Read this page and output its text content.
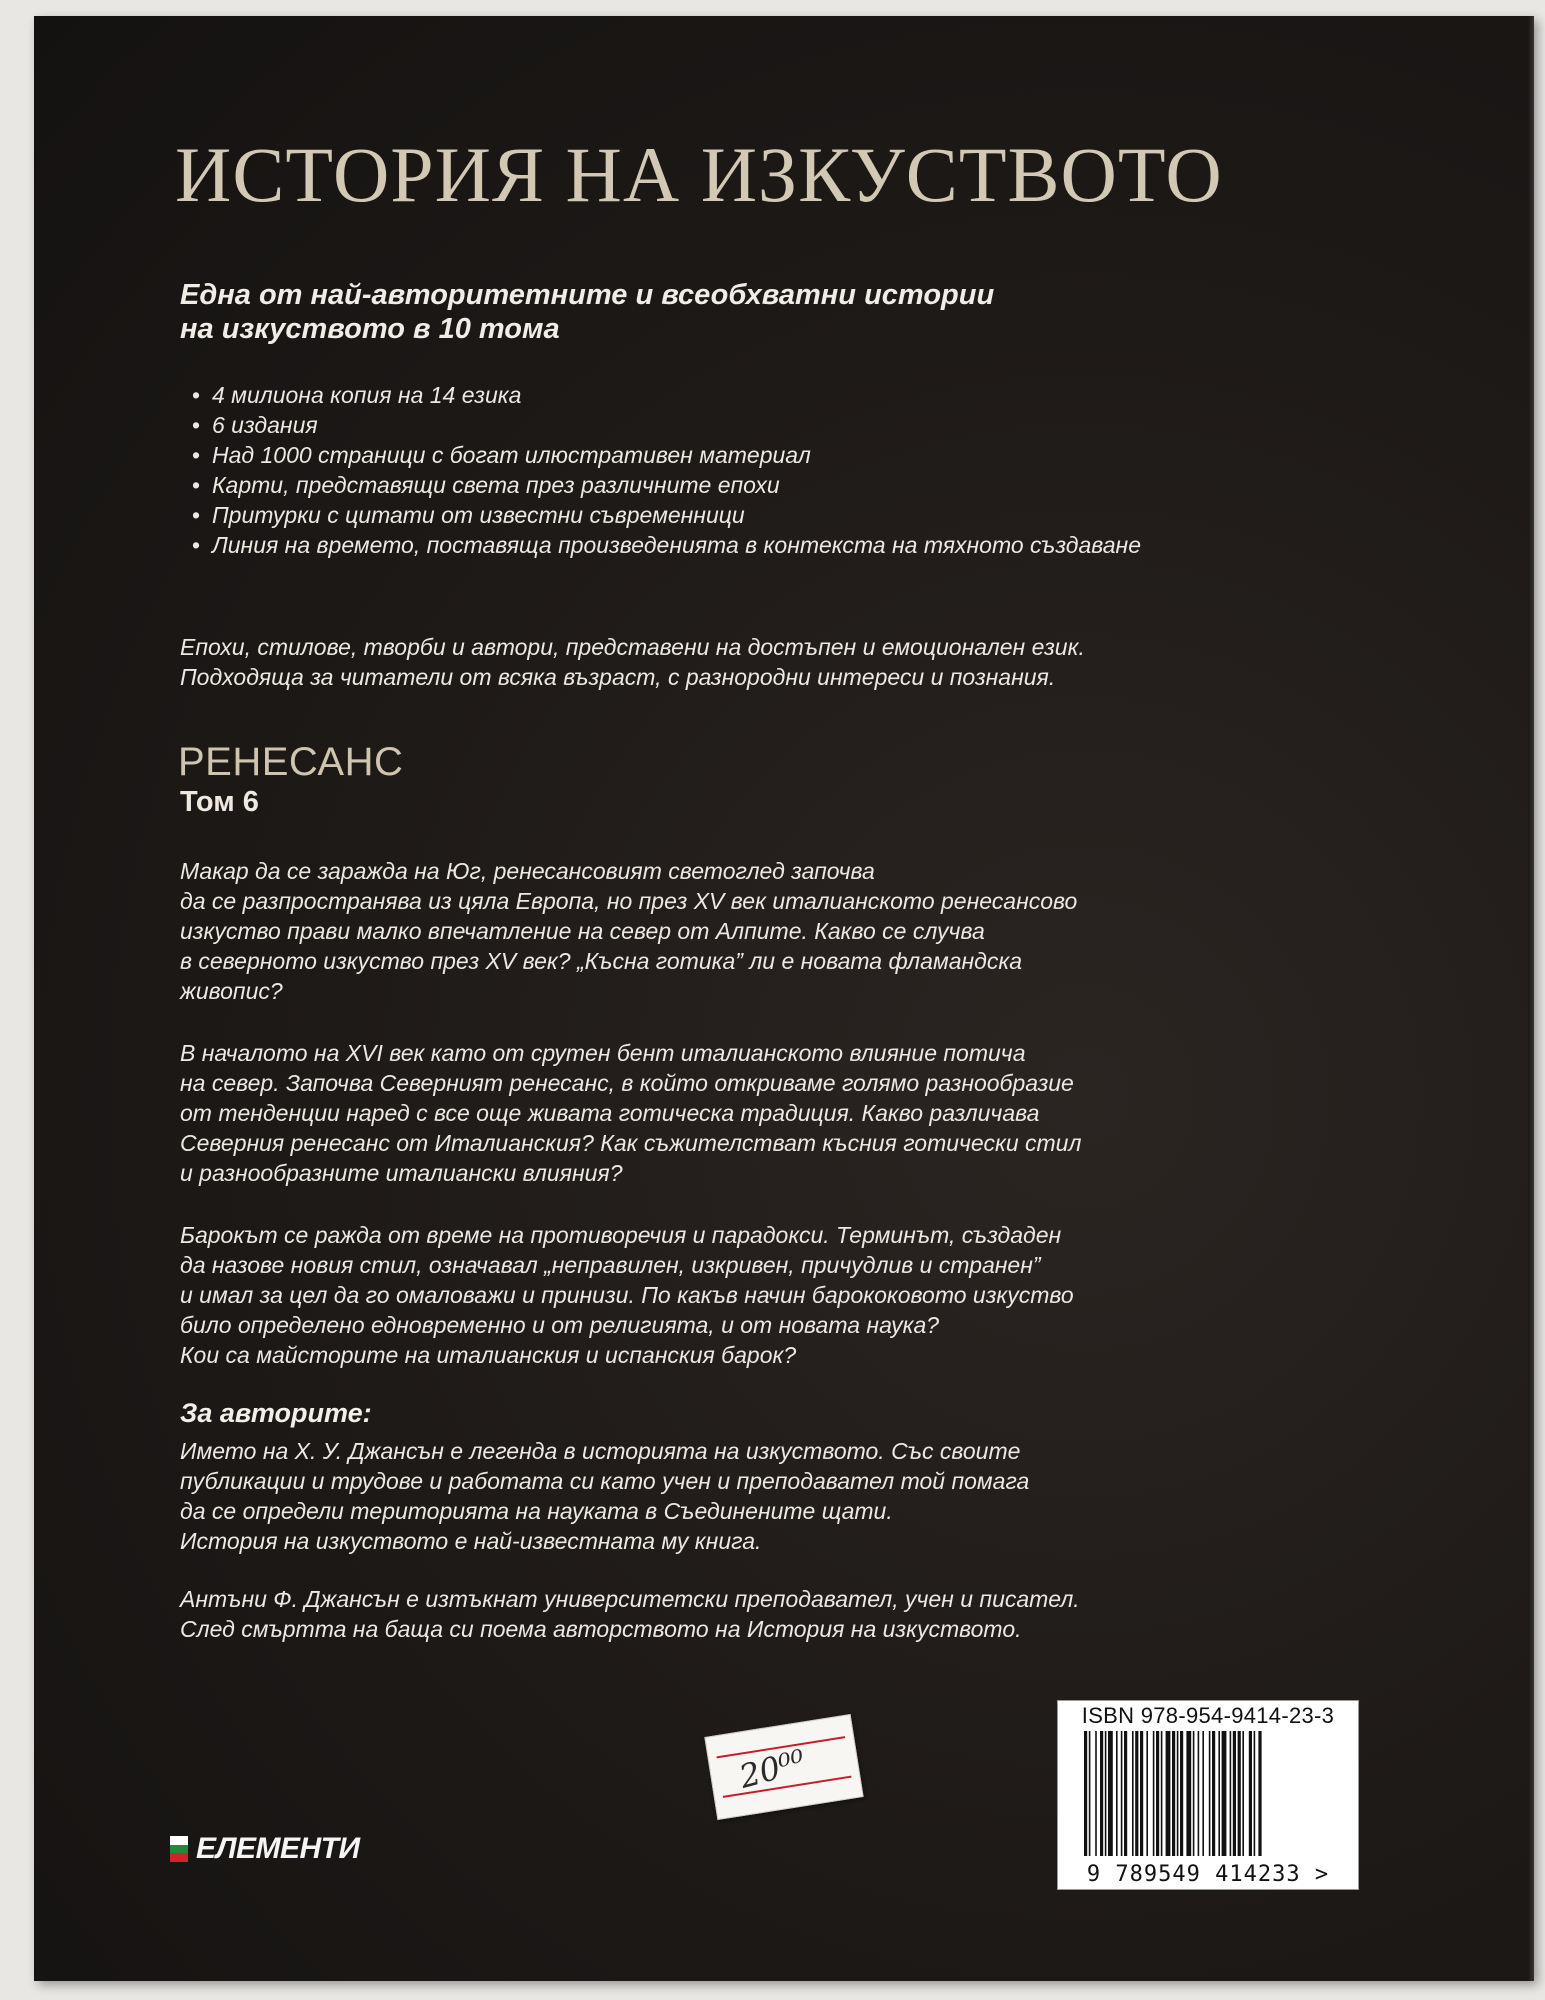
ИСТОРИЯ НА ИЗКУСТВОТО

Една от най-авторитетните и всеобхватни истории
на изкуството в 10 тома

• 4 милиона копия на 14 езика
• 6 издания
• Над 1000 страници с богат илюстративен материал
• Карти, представящи света през различните епохи
• Притурки с цитати от известни съвременници
• Линия на времето, поставяща произведенията в контекста на тяхното създаване

Епохи, стилове, творби и автори, представени на достъпен и емоционален език.
Подходяща за читатели от всяка възраст, с разнородни интереси и познания.

РЕНЕСАНС
Том 6

Макар да се заражда на Юг, ренесансовият светоглед започва
да се разпространява из цяла Европа, но през XV век италианското ренесансово
изкуство прави малко впечатление на север от Алпите. Какво се случва
в северното изкуство през XV век? „Късна готика” ли е новата фламандска
живопис?

В началото на XVI век като от срутен бент италианското влияние потича
на север. Започва Северният ренесанс, в който откриваме голямо разнообразие
от тенденции наред с все още живата готическа традиция. Какво различава
Северния ренесанс от Италианския? Как съжителстват късния готически стил
и разнообразните италиански влияния?

Барокът се ражда от време на противоречия и парадокси. Терминът, създаден
да назове новия стил, означавал „неправилен, изкривен, причудлив и странен”
и имал за цел да го омаловажи и принизи. По какъв начин барококовото изкуство
било определено едновременно и от религията, и от новата наука?
Кои са майсторите на италианския и испанския барок?

За авторите:

Името на Х. У. Джансън е легенда в историята на изкуството. Със своите
публикации и трудове и работата си като учен и преподавател той помага
да се определи територията на науката в Съединените щати.
История на изкуството е най-известната му книга.

Антъни Ф. Джансън е изтъкнат университетски преподавател, учен и писател.
След смъртта на баща си поема авторството на История на изкуството.

20⁰⁰
ISBN 978-954-9414-23-3
9 789549 414233 >
ЕЛЕМЕНТИ
